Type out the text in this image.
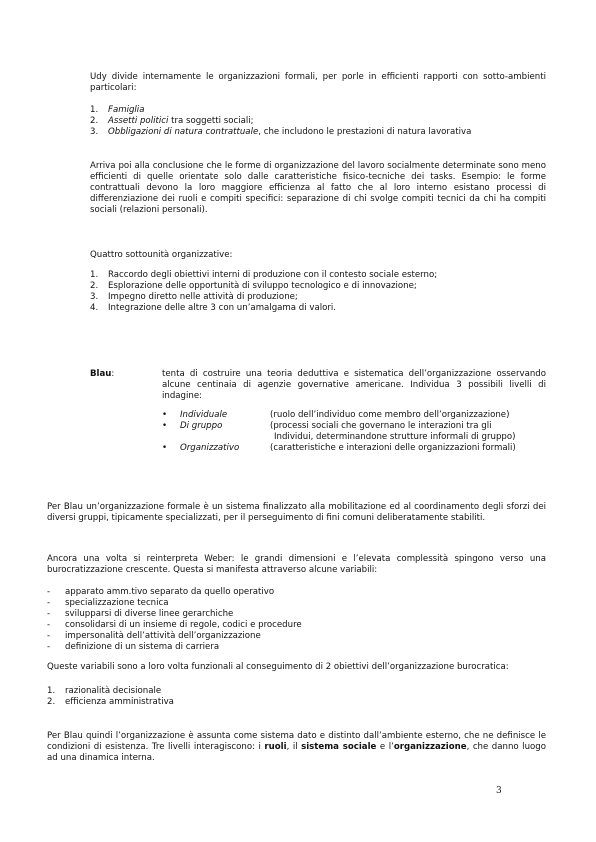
Udy divide internamente le organizzazioni formali, per porle in efficienti rapporti con sotto-ambienti particolari:

1. Famiglia
2. Assetti politici tra soggetti sociali;
3. Obbligazioni di natura contrattuale, che includono le prestazioni di natura lavorativa

Arriva poi alla conclusione che le forme di organizzazione del lavoro socialmente determinate sono meno efficienti di quelle orientate solo dalle caratteristiche fisico-tecniche dei tasks. Esempio: le forme contrattuali devono la loro maggiore efficienza al fatto che al loro interno esistano processi di differenziazione dei ruoli e compiti specifici: separazione di chi svolge compiti tecnici da chi ha compiti sociali (relazioni personali).

Quattro sottounità organizzative:

1. Raccordo degli obiettivi interni di produzione con il contesto sociale esterno;
2. Esplorazione delle opportunità di sviluppo tecnologico e di innovazione;
3. Impegno diretto nelle attività di produzione;
4. Integrazione delle altre 3 con un’amalgama di valori.
Blau:	tenta di costruire una teoria deduttiva e sistematica dell’organizzazione osservando alcune centinaia di agenzie governative americane. Individua 3 possibili livelli di indagine:

• Individuale	(ruolo dell’individuo come membro dell’organizzazione)
• Di gruppo	(processi sociali che governano le interazioni tra gli
Individui, determinandone strutture informali di gruppo)
• Organizzativo	(caratteristiche e interazioni delle organizzazioni formali)

Per Blau un’organizzazione formale è un sistema finalizzato alla mobilitazione ed al coordinamento degli sforzi dei diversi gruppi, tipicamente specializzati, per il perseguimento di fini comuni deliberatamente stabiliti.

Ancora una volta si reinterpreta Weber: le grandi dimensioni e l’elevata complessità spingono verso una burocratizzazione crescente. Questa si manifesta attraverso alcune variabili:

- apparato amm.tivo separato da quello operativo
- specializzazione tecnica
- svilupparsi di diverse linee gerarchiche
- consolidarsi di un insieme di regole, codici e procedure
- impersonalità dell’attività dell’organizzazione
- definizione di un sistema di carriera

Queste variabili sono a loro volta funzionali al conseguimento di 2 obiettivi dell’organizzazione burocratica:

1. razionalità decisionale
2. efficienza amministrativa

Per Blau quindi l’organizzazione è assunta come sistema dato e distinto dall’ambiente esterno, che ne definisce le condizioni di esistenza. Tre livelli interagiscono: i ruoli, il sistema sociale e l’organizzazione, che danno luogo ad una dinamica interna.

3
